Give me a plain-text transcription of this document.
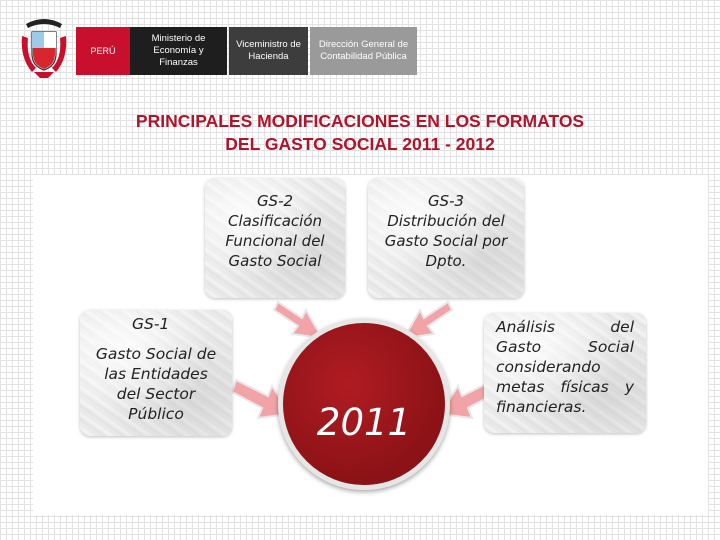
PERÚ
Ministerio de Economía y Finanzas
Viceministro de Hacienda
Dirección General de Contabilidad Pública
PRINCIPALES MODIFICACIONES EN LOS FORMATOS
DEL GASTO SOCIAL 2011 - 2012
GS-2
Clasificación
Funcional del
Gasto Social
GS-3
Distribución del
Gasto Social por
Dpto.
GS-1
Gasto Social de
las Entidades
del Sector
Público
Análisis del
Gasto Social
considerando
metas físicas y
financieras.
2011
